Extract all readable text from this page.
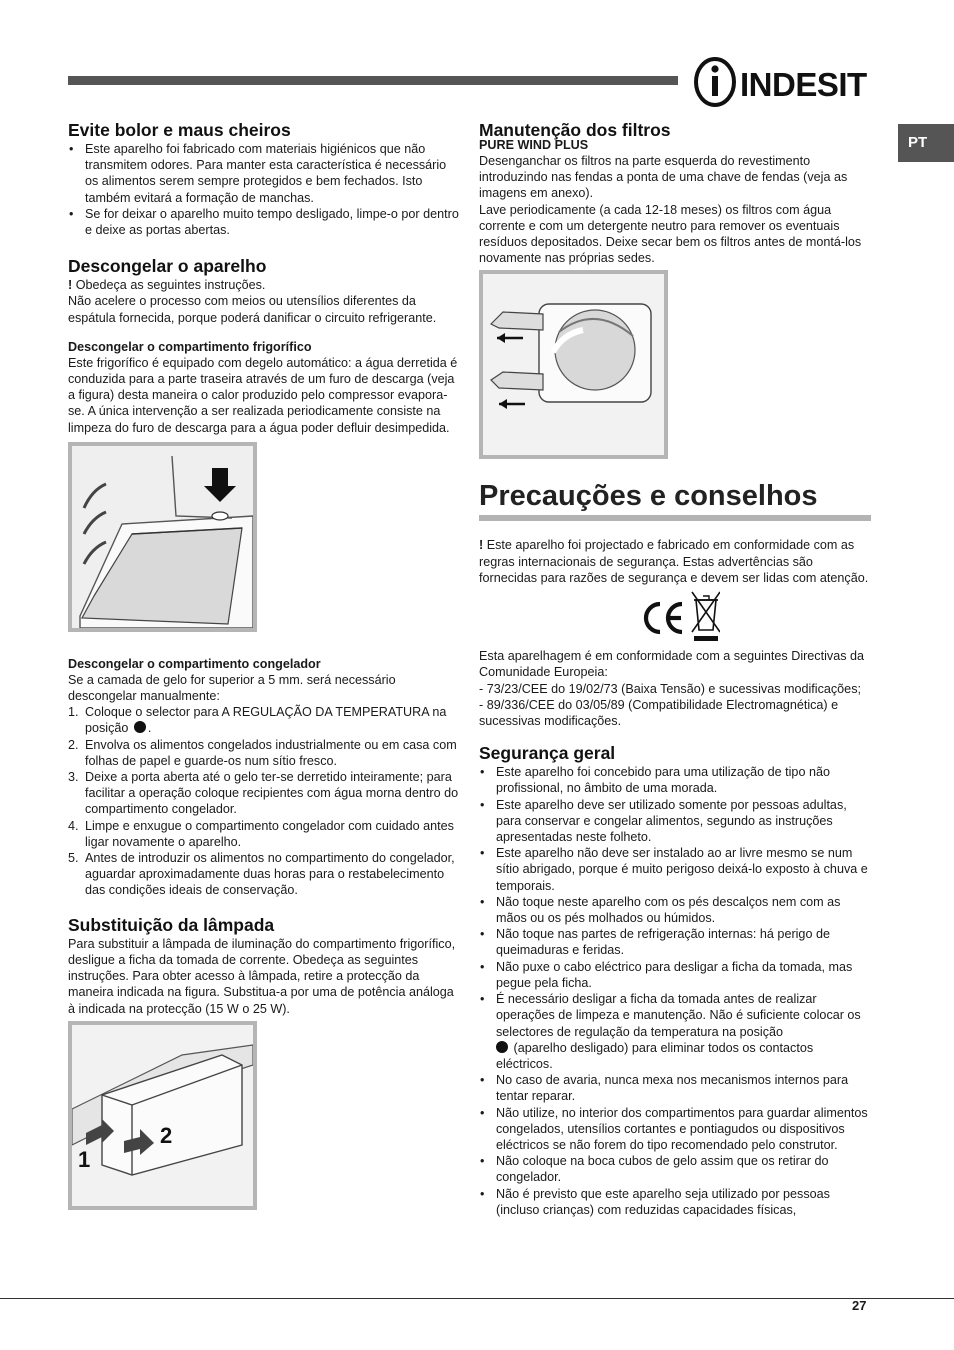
INDESIT
PT
Evite bolor e maus cheiros
• Este aparelho foi fabricado com materiais higiénicos que não transmitem odores. Para manter esta característica é necessário os alimentos serem sempre protegidos e bem fechados. Isto também evitará a formação de manchas.
• Se for deixar o aparelho muito tempo desligado, limpe-o por dentro e deixe as portas abertas.
Descongelar o aparelho

! Obedeça as seguintes instruções.

Não acelere o processo com meios ou utensílios diferentes da espátula fornecida, porque poderá danificar o circuito refrigerante.

Descongelar o compartimento frigorífico

Este frigorífico é equipado com degelo automático: a água derretida é conduzida para a parte traseira através de um furo de descarga (veja a figura) desta maneira o calor produzido pelo compressor evapora-se. A única intervenção a ser realizada periodicamente consiste na limpeza do furo de descarga para a água poder defluir desimpedida.

Descongelar o compartimento congelador

Se a camada de gelo for superior a 5 mm. será necessário descongelar manualmente:

1. Coloque o selector para A REGULAÇÃO DA TEMPERATURA na posição .
2. Envolva os alimentos congelados industrialmente ou em casa com folhas de papel e guarde-os num sítio fresco.
3. Deixe a porta aberta até o gelo ter-se derretido inteiramente; para facilitar a operação coloque recipientes com água morna dentro do compartimento congelador.
4. Limpe e enxugue o compartimento congelador com cuidado antes ligar novamente o aparelho.
5. Antes de introduzir os alimentos no compartimento do congelador, aguardar aproximadamente duas horas para o restabelecimento das condições ideais de conservação.
Substituição da lâmpada

Para substituir a lâmpada de iluminação do compartimento frigorífico, desligue a ficha da tomada de corrente. Obedeça as seguintes instruções. Para obter acesso à lâmpada, retire a protecção da maneira indicada na figura. Substitua-a por uma de potência análoga à indicada na protecção (15 W o 25 W).

1
2
Manutenção dos filtros
PURE WIND PLUS

Desenganchar os filtros na parte esquerda do revestimento introduzindo nas fendas a ponta de uma chave de fendas (veja as imagens em anexo).

Lave periodicamente (a cada 12-18 meses) os filtros com água corrente e com um detergente neutro para remover os eventuais resíduos depositados. Deixe secar bem os filtros antes de montá-los novamente nas próprias sedes.

Precauções e conselhos

! Este aparelho foi projectado e fabricado em conformidade com as regras internacionais de segurança. Estas advertências são fornecidas para razões de segurança e devem ser lidas com atenção.

Esta aparelhagem é em conformidade com a seguintes Directivas da Comunidade Europeia:

- 73/23/CEE do 19/02/73 (Baixa Tensão) e sucessivas modificações;

- 89/336/CEE do 03/05/89 (Compatibilidade Electromagnética) e sucessivas modificações.

Segurança geral
• Este aparelho foi concebido para uma utilização de tipo não profissional, no âmbito de uma morada.
• Este aparelho deve ser utilizado somente por pessoas adultas, para conservar e congelar alimentos, segundo as instruções apresentadas neste folheto.
• Este aparelho não deve ser instalado ao ar livre mesmo se num sítio abrigado, porque é muito perigoso deixá-lo exposto à chuva e temporais.
• Não toque neste aparelho com os pés descalços nem com as mãos ou os pés molhados ou húmidos.
• Não toque nas partes de refrigeração internas: há perigo de queimaduras e feridas.
• Não puxe o cabo eléctrico para desligar a ficha da tomada, mas pegue pela ficha.
• É necessário desligar a ficha da tomada antes de realizar operações de limpeza e manutenção. Não é suficiente colocar os selectores de regulação da temperatura na posição
(aparelho desligado) para eliminar todos os contactos eléctricos.
• No caso de avaria, nunca mexa nos mecanismos internos para tentar reparar.
• Não utilize, no interior dos compartimentos para guardar alimentos congelados, utensílios cortantes e pontiagudos ou dispositivos eléctricos se não forem do tipo recomendado pelo construtor.
• Não coloque na boca cubos de gelo assim que os retirar do congelador.
• Não é previsto que este aparelho seja utilizado por pessoas (incluso crianças) com reduzidas capacidades físicas,
27
